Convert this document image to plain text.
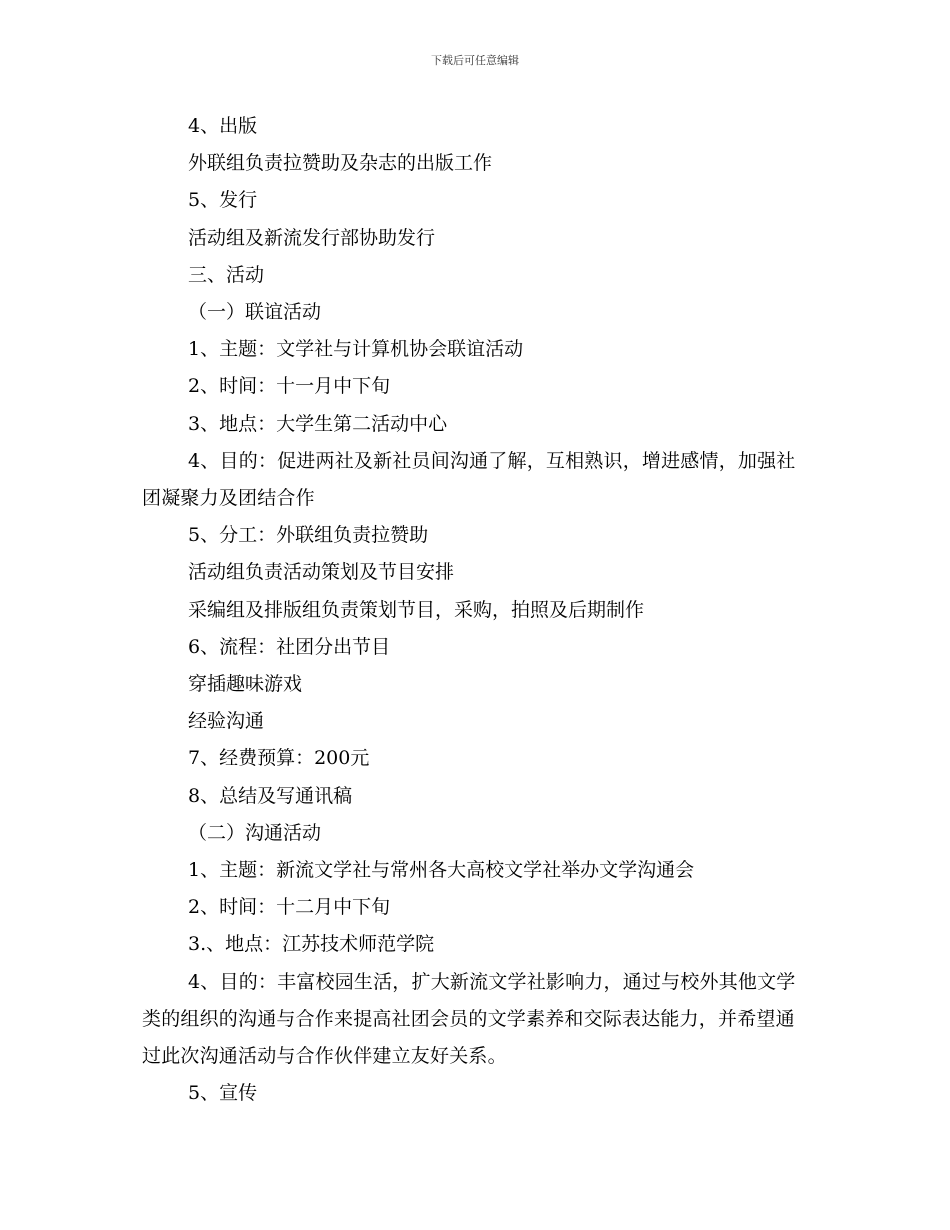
下载后可任意编辑

4、出版

外联组负责拉赞助及杂志的出版工作

5、发行

活动组及新流发行部协助发行

三、活动

（一）联谊活动

1、主题：文学社与计算机协会联谊活动

2、时间：十一月中下旬

3、地点：大学生第二活动中心

4、目的：促进两社及新社员间沟通了解，互相熟识，增进感情，加强社团凝聚力及团结合作

5、分工：外联组负责拉赞助

活动组负责活动策划及节目安排

采编组及排版组负责策划节目，采购，拍照及后期制作

6、流程：社团分出节目

穿插趣味游戏

经验沟通

7、经费预算：200元

8、总结及写通讯稿

（二）沟通活动

1、主题：新流文学社与常州各大高校文学社举办文学沟通会

2、时间：十二月中下旬

3.、地点：江苏技术师范学院

4、目的：丰富校园生活，扩大新流文学社影响力，通过与校外其他文学类的组织的沟通与合作来提高社团会员的文学素养和交际表达能力，并希望通过此次沟通活动与合作伙伴建立友好关系。

5、宣传
